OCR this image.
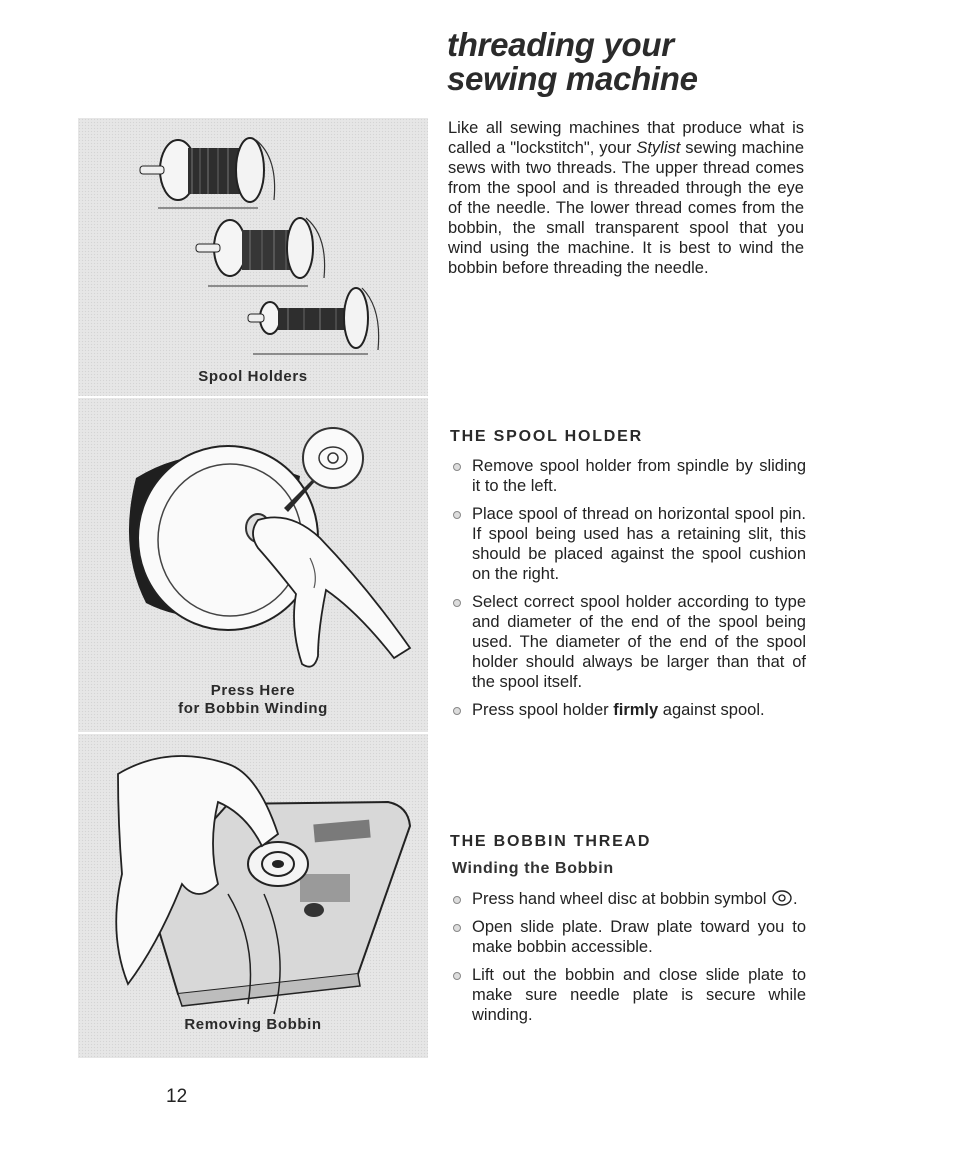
threading your
sewing machine
Spool Holders
Press Here
for Bobbin Winding
Removing Bobbin
Like all sewing machines that produce what is called a "lockstitch", your Stylist sewing machine sews with two threads. The upper thread comes from the spool and is threaded through the eye of the needle. The lower thread comes from the bobbin, the small transparent spool that you wind using the machine. It is best to wind the bobbin before threading the needle.
THE SPOOL HOLDER
Remove spool holder from spindle by sliding it to the left.
Place spool of thread on horizontal spool pin. If spool being used has a retaining slit, this should be placed against the spool cushion on the right.
Select correct spool holder according to type and diameter of the end of the spool being used. The diameter of the end of the spool holder should always be larger than that of the spool itself.
Press spool holder firmly against spool.
THE BOBBIN THREAD
Winding the Bobbin
Press hand wheel disc at bobbin symbol .
Open slide plate. Draw plate toward you to make bobbin accessible.
Lift out the bobbin and close slide plate to make sure needle plate is secure while winding.
12
